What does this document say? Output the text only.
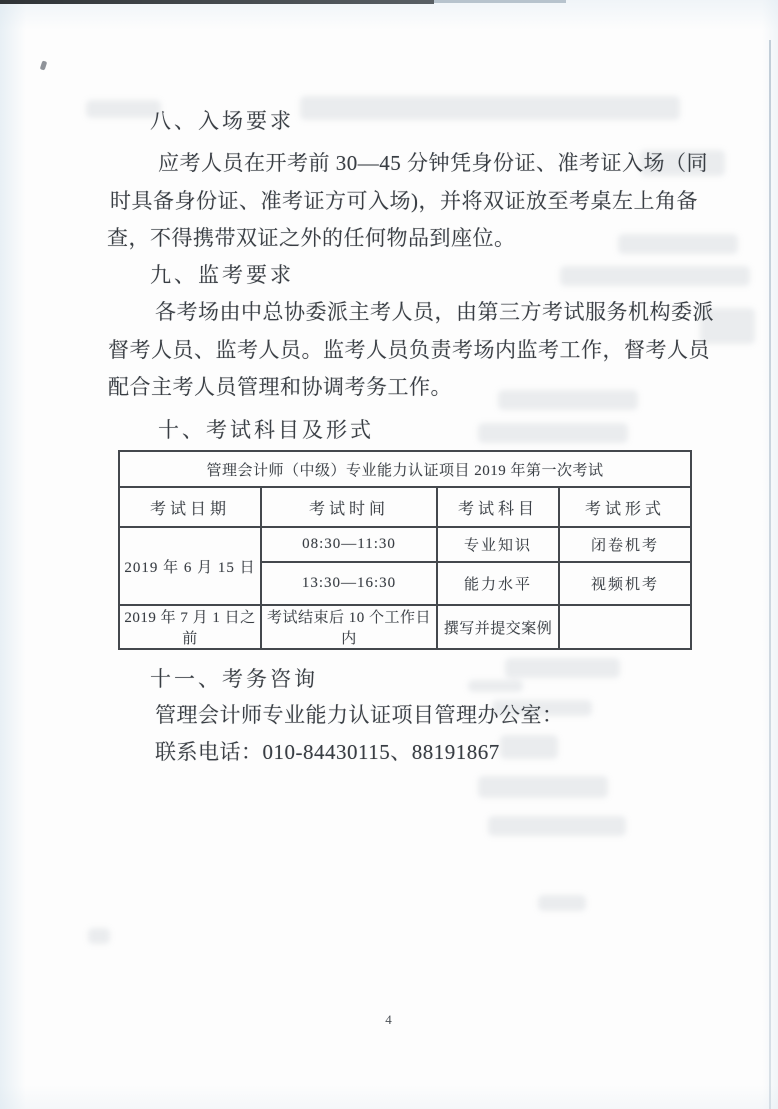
八、入场要求
应考人员在开考前 30—45 分钟凭身份证、准考证入场（同
时具备身份证、准考证方可入场)，并将双证放至考桌左上角备
查，不得携带双证之外的任何物品到座位。
九、监考要求
各考场由中总协委派主考人员，由第三方考试服务机构委派
督考人员、监考人员。监考人员负责考场内监考工作，督考人员
配合主考人员管理和协调考务工作。
十、考试科目及形式
管理会计师（中级）专业能力认证项目 2019 年第一次考试			
考试日期	考试时间	考试科目	考试形式
2019 年 6 月 15 日	08:30—11:30	专业知识	闭卷机考
	13:30—16:30	能力水平	视频机考
2019 年 7 月 1 日之前	考试结束后 10 个工作日内	撰写并提交案例	
十一、考务咨询
管理会计师专业能力认证项目管理办公室：
联系电话：010-84430115、88191867
4
